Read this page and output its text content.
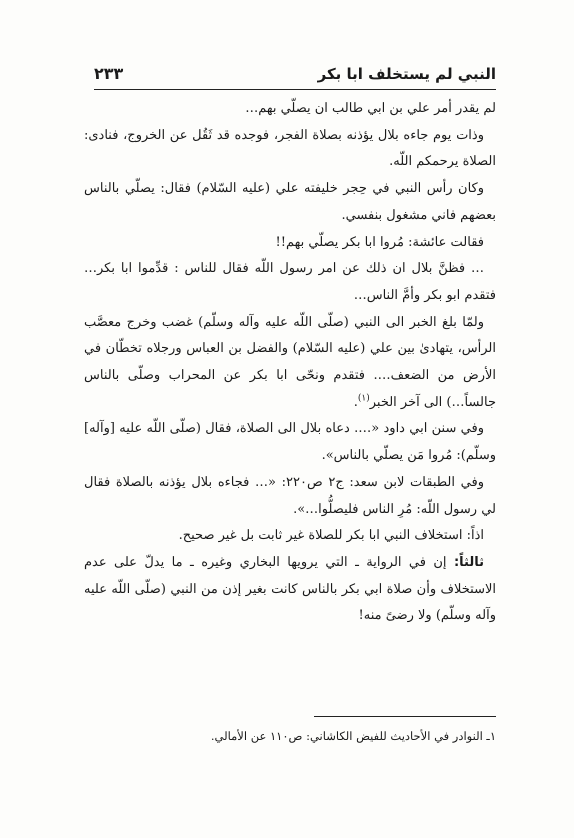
النبي لم يستخلف ابا بكر
٢٣٣

لم يقدر أمر علي بن ابي طالب ان يصلّي بهم…

وذات يوم جاءه بلال يؤذنه بصلاة الفجر، فوجده قد ثَقُل عن الخروج، فنادى: الصلاة يرحمكم اللّه.

وكان رأس النبي في حِجر خليفته علي (عليه السّلام) فقال: يصلّي بالناس بعضهم فاني مشغول بنفسي.

فقالت عائشة: مُروا ابا بكر يصلّي بهم!!

… فظنَّ بلال ان ذلك عن امر رسول اللّه فقال للناس : قدِّموا ابا بكر… فتقدم ابو بكر وأمَّ الناس…

ولمّا بلغ الخبر الى النبي (صلّى اللّه عليه وآله وسلّم) غضب وخرج معصَّب الرأس، يتهادىٰ بين علي (عليه السّلام) والفضل بن العباس ورجلاه تخطّان في الأرض من الضعف…. فتقدم ونحّى ابا بكر عن المحراب وصلّى بالناس جالساً…) الى آخر الخبر$^{(١)}$.

وفي سنن ابي داود «…. دعاه بلال الى الصلاة، فقال (صلّى اللّه عليه [وآله] وسلّم): مُروا مَن يصلّي بالناس».

وفي الطبقات لابن سعد: ج٢ ص٢٢٠: «… فجاءه بلال يؤذنه بالصلاة فقال لي رسول اللّه: مُرِ الناس فليصلُّوا…».

اذاً: استخلاف النبي ابا بكر للصلاة غير ثابت بل غير صحيح.

ثالثاً: إن في الرواية ـ التي يرويها البخاري وغيره ـ ما يدلّ على عدم الاستخلاف وأن صلاة ابي بكر بالناس كانت بغير إذن من النبي (صلّى اللّه عليه وآله وسلّم) ولا رضىً منه!

١ـ النوادر في الأحاديث للفيض الكاشاني: ص١١٠ عن الأمالي.
